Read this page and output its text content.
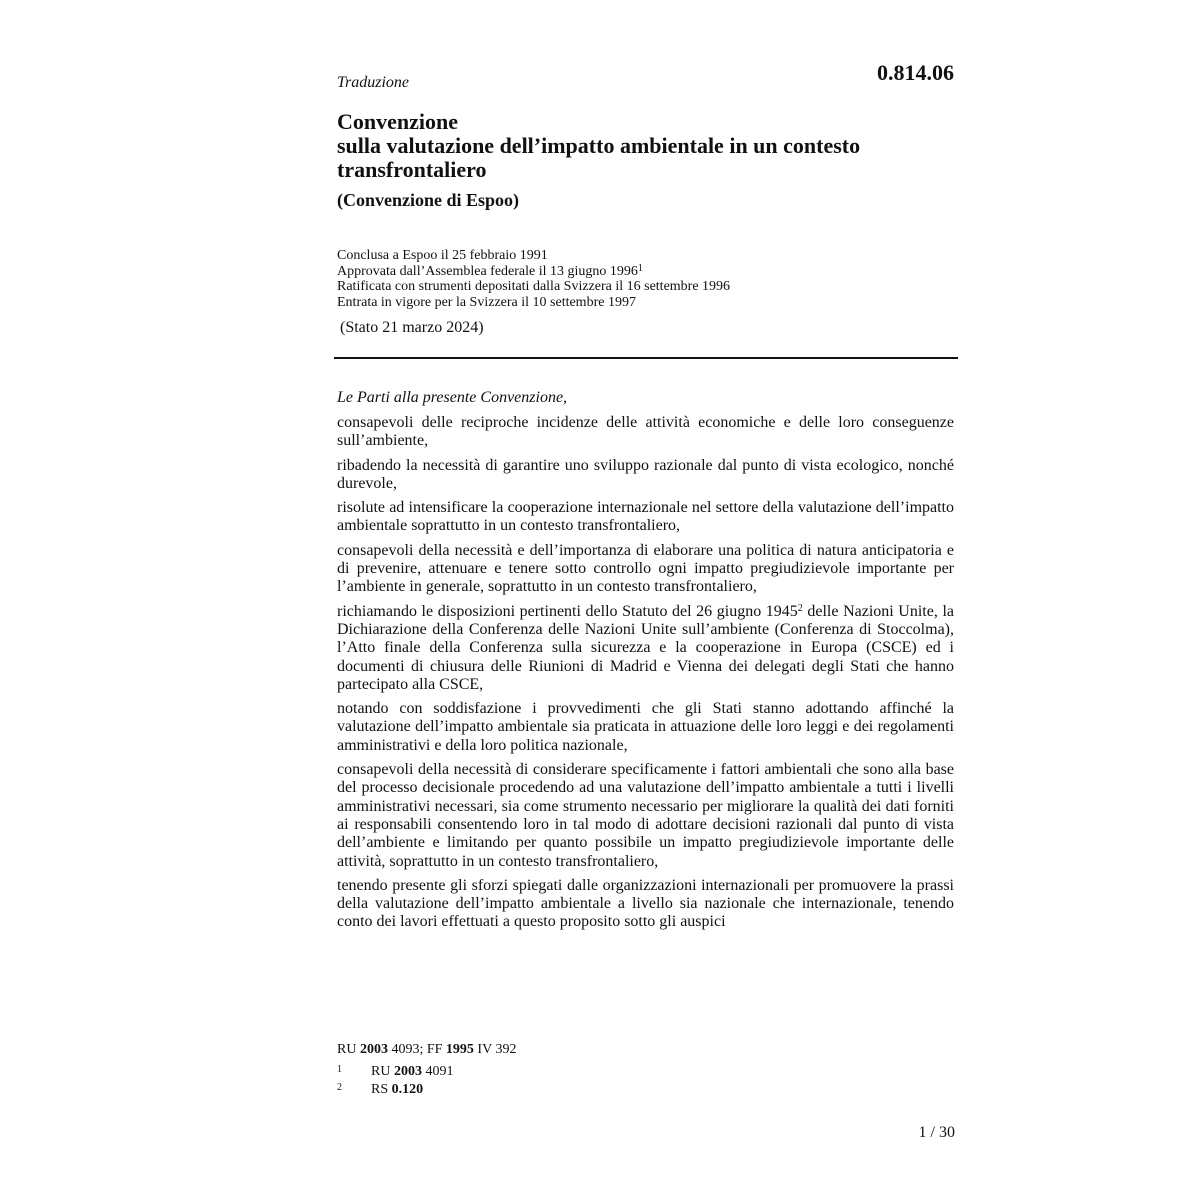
Traduzione	0.814.06
Convenzione
sulla valutazione dell’impatto ambientale in un contesto
transfrontaliero
(Convenzione di Espoo)
Conclusa a Espoo il 25 febbraio 1991
Approvata dall’Assemblea federale il 13 giugno 1996$^1$
Ratificata con strumenti depositati dalla Svizzera il 16 settembre 1996
Entrata in vigore per la Svizzera il 10 settembre 1997
(Stato 21 marzo 2024)
Le Parti alla presente Convenzione,

consapevoli delle reciproche incidenze delle attività economiche e delle loro conseguenze sull’ambiente,

ribadendo la necessità di garantire uno sviluppo razionale dal punto di vista ecologico, nonché durevole,

risolute ad intensificare la cooperazione internazionale nel settore della valutazione dell’impatto ambientale soprattutto in un contesto transfrontaliero,

consapevoli della necessità e dell’importanza di elaborare una politica di natura anticipatoria e di prevenire, attenuare e tenere sotto controllo ogni impatto pregiudizievole importante per l’ambiente in generale, soprattutto in un contesto transfrontaliero,

richiamando le disposizioni pertinenti dello Statuto del 26 giugno 1945$^2$ delle Nazioni Unite, la Dichiarazione della Conferenza delle Nazioni Unite sull’ambiente (Conferenza di Stoccolma), l’Atto finale della Conferenza sulla sicurezza e la cooperazione in Europa (CSCE) ed i documenti di chiusura delle Riunioni di Madrid e Vienna dei delegati degli Stati che hanno partecipato alla CSCE,

notando con soddisfazione i provvedimenti che gli Stati stanno adottando affinché la valutazione dell’impatto ambientale sia praticata in attuazione delle loro leggi e dei regolamenti amministrativi e della loro politica nazionale,

consapevoli della necessità di considerare specificamente i fattori ambientali che sono alla base del processo decisionale procedendo ad una valutazione dell’impatto ambientale a tutti i livelli amministrativi necessari, sia come strumento necessario per migliorare la qualità dei dati forniti ai responsabili consentendo loro in tal modo di adottare decisioni razionali dal punto di vista dell’ambiente e limitando per quanto possibile un impatto pregiudizievole importante delle attività, soprattutto in un contesto transfrontaliero,

tenendo presente gli sforzi spiegati dalle organizzazioni internazionali per promuovere la prassi della valutazione dell’impatto ambientale a livello sia nazionale che internazionale, tenendo conto dei lavori effettuati a questo proposito sotto gli auspici

RU 2003 4093; FF 1995 IV 392
1 RU 2003 4091
2 RS 0.120
1 / 30
